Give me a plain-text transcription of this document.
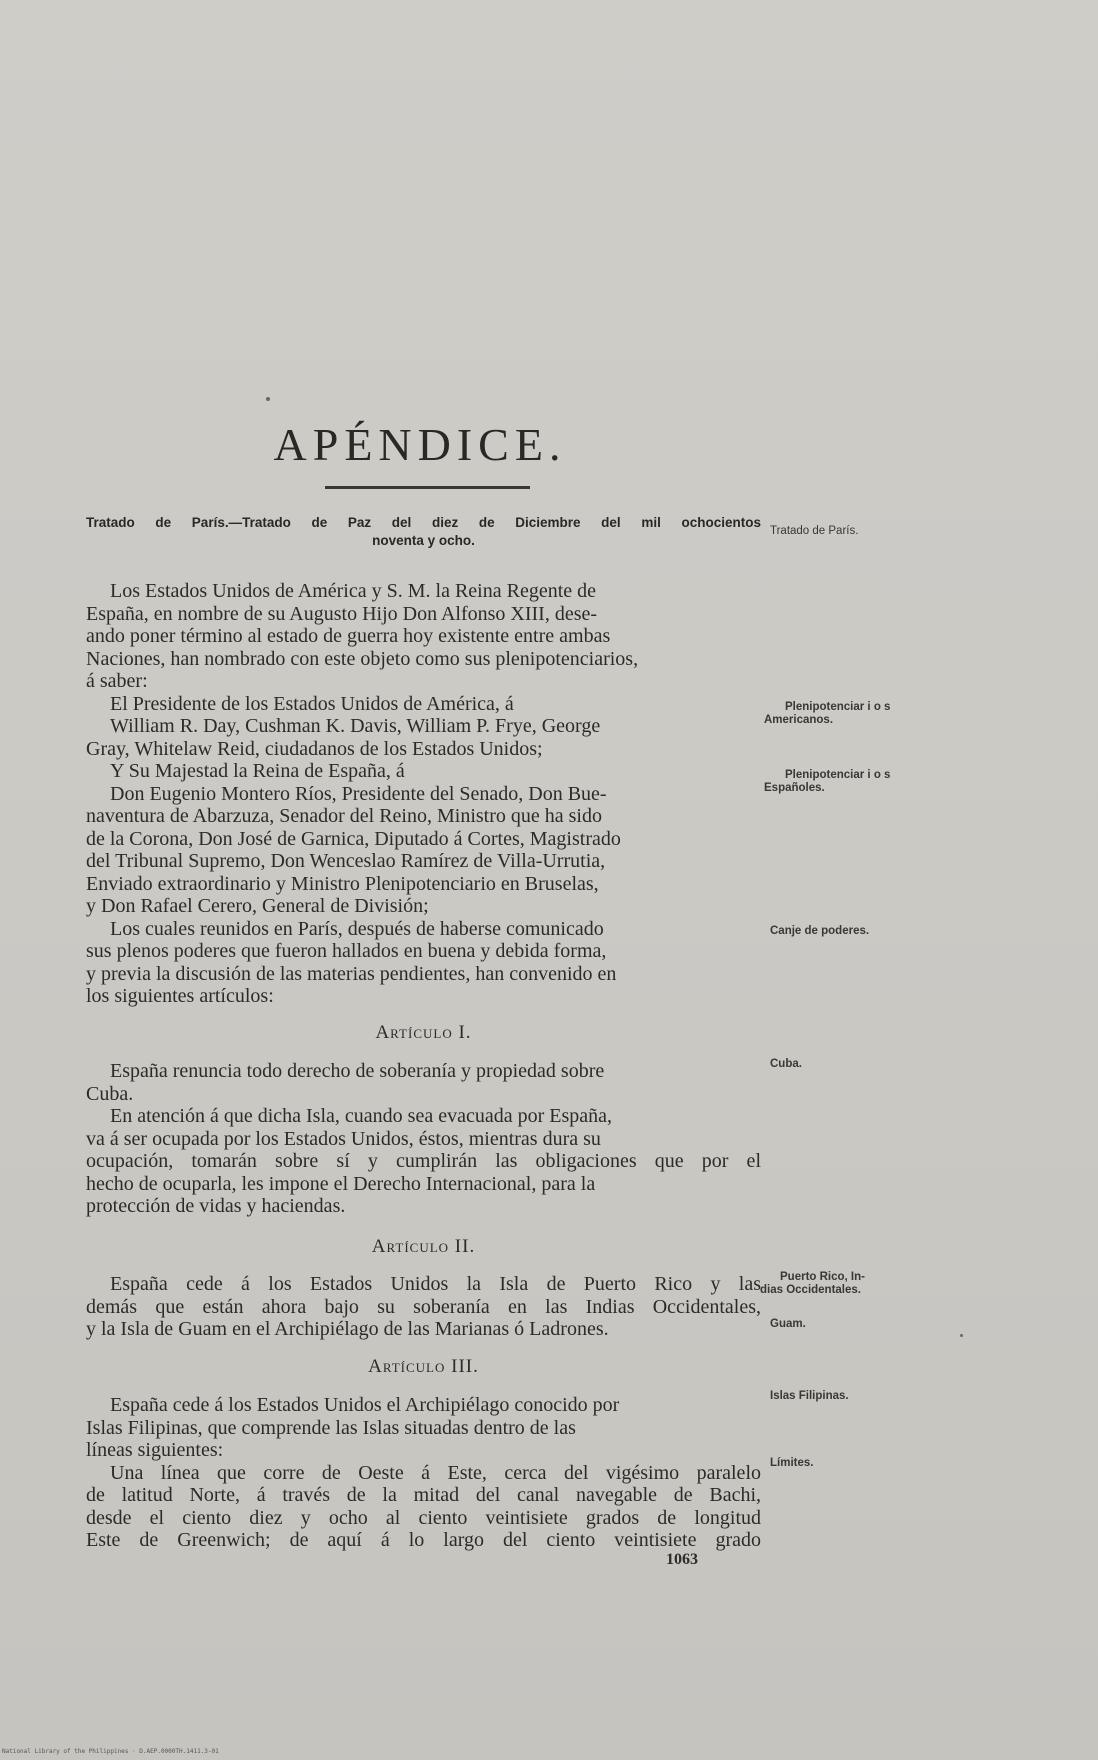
APÉNDICE.
Tratado de París.—Tratado de Paz del diez de Diciembre del mil ochocientos
noventa y ocho.
Los Estados Unidos de América y S. M. la Reina Regente de
España, en nombre de su Augusto Hijo Don Alfonso XIII, dese-
ando poner término al estado de guerra hoy existente entre ambas
Naciones, han nombrado con este objeto como sus plenipotenciarios,
á saber:
El Presidente de los Estados Unidos de América, á
William R. Day, Cushman K. Davis, William P. Frye, George
Gray, Whitelaw Reid, ciudadanos de los Estados Unidos;
Y Su Majestad la Reina de España, á
Don Eugenio Montero Ríos, Presidente del Senado, Don Bue-
naventura de Abarzuza, Senador del Reino, Ministro que ha sido
de la Corona, Don José de Garnica, Diputado á Cortes, Magistrado
del Tribunal Supremo, Don Wenceslao Ramírez de Villa-Urrutia,
Enviado extraordinario y Ministro Plenipotenciario en Bruselas,
y Don Rafael Cerero, General de División;
Los cuales reunidos en París, después de haberse comunicado
sus plenos poderes que fueron hallados en buena y debida forma,
y previa la discusión de las materias pendientes, han convenido en
los siguientes artículos:
Artículo I.
España renuncia todo derecho de soberanía y propiedad sobre
Cuba.
En atención á que dicha Isla, cuando sea evacuada por España,
va á ser ocupada por los Estados Unidos, éstos, mientras dura su
ocupación, tomarán sobre sí y cumplirán las obligaciones que por el
hecho de ocuparla, les impone el Derecho Internacional, para la
protección de vidas y haciendas.
Artículo II.
España cede á los Estados Unidos la Isla de Puerto Rico y las
demás que están ahora bajo su soberanía en las Indias Occidentales,
y la Isla de Guam en el Archipiélago de las Marianas ó Ladrones.
Artículo III.
España cede á los Estados Unidos el Archipiélago conocido por
Islas Filipinas, que comprende las Islas situadas dentro de las
líneas siguientes:
Una línea que corre de Oeste á Este, cerca del vigésimo paralelo
de latitud Norte, á través de la mitad del canal navegable de Bachi,
desde el ciento diez y ocho al ciento veintisiete grados de longitud
Este de Greenwich; de aquí á lo largo del ciento veintisiete grado
1063
Tratado de París.
Plenipotenciar i o s
Americanos.
Plenipotenciar i o s
Españoles.
Canje de poderes.
Cuba.
Puerto Rico, In-
dias Occidentales.
Guam.
Islas Filipinas.
Límites.
National Library of the Philippines · D.AEP.0000TH.1411.3-01
